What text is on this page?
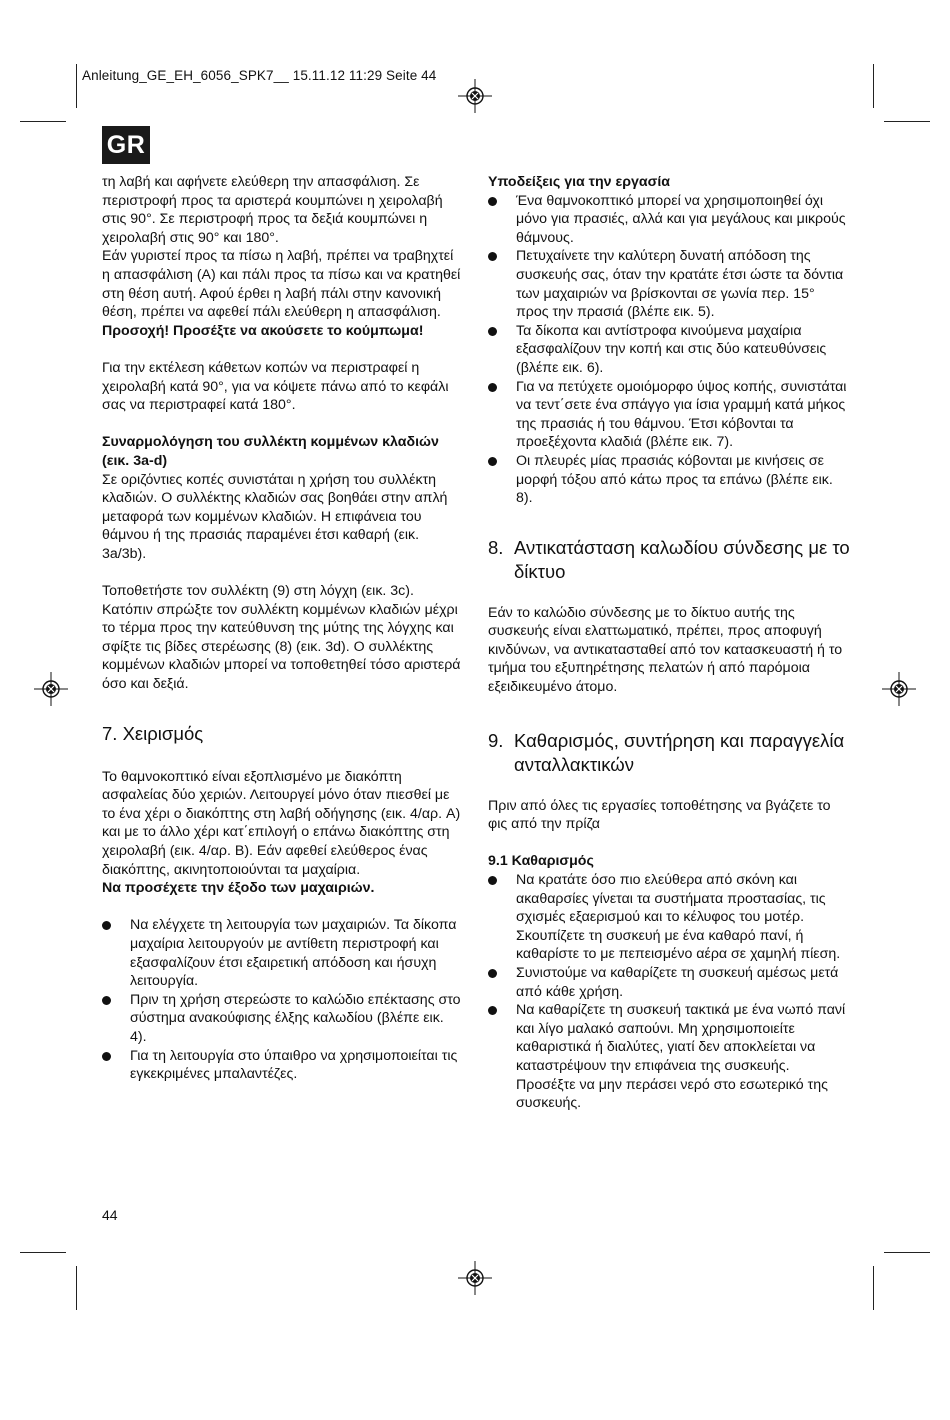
Anleitung_GE_EH_6056_SPK7__ 15.11.12 11:29 Seite 44
GR

τη λαβή και αφήνετε ελεύθερη την απασφάλιση. Σε περιστροφή προς τα αριστερά κουμπώνει η χειρολαβή στις 90°. Σε περιστροφή προς τα δεξιά κουμπώνει η χειρολαβή στις 90° και 180°.

Εάν γυριστεί προς τα πίσω η λαβή, πρέπει να τραβηχτεί η απασφάλιση (A) και πάλι προς τα πίσω και να κρατηθεί στη θέση αυτή. Αφού έρθει η λαβή πάλι στην κανονική θέση, πρέπει να αφεθεί πάλι ελεύθερη η απασφάλιση.

Προσοχή! Προσέξτε να ακούσετε το κούμπωμα!

Για την εκτέλεση κάθετων κοπών να περιστραφεί η χειρολαβή κατά 90°, για να κόψετε πάνω από το κεφάλι σας να περιστραφεί κατά 180°.

Συναρμολόγηση του συλλέκτη κομμένων κλαδιών (εικ. 3a-d)

Σε οριζόντιες κοπές συνιστάται η χρήση του συλλέκτη κλαδιών. Ο συλλέκτης κλαδιών σας βοηθάει στην απλή μεταφορά των κομμένων κλαδιών. Η επιφάνεια του θάμνου ή της πρασιάς παραμένει έτσι καθαρή (εικ. 3a/3b).

Τοποθετήστε τον συλλέκτη (9) στη λόγχη (εικ. 3c). Κατόπιν σπρώξτε τον συλλέκτη κομμένων κλαδιών μέχρι το τέρμα προς την κατεύθυνση της μύτης της λόγχης και σφίξτε τις βίδες στερέωσης (8) (εικ. 3d). Ο συλλέκτης κομμένων κλαδιών μπορεί να τοποθετηθεί τόσο αριστερά όσο και δεξιά.

7. Χειρισμός

Το θαμνοκοπτικό είναι εξοπλισμένο με διακόπτη ασφαλείας δύο χεριών. Λειτουργεί μόνο όταν πιεσθεί με το ένα χέρι ο διακόπτης στη λαβή οδήγησης (εικ. 4/αρ. A) και με το άλλο χέρι κατ΄επιλογή ο επάνω διακόπτης στη χειρολαβή (εικ. 4/αρ. B). Εάν αφεθεί ελεύθερος ένας διακόπτης, ακινητοποιούνται τα μαχαίρια.

Να προσέχετε την έξοδο των μαχαιριών.

Να ελέγχετε τη λειτουργία των μαχαιριών. Τα δίκοπα μαχαίρια λειτουργούν με αντίθετη περιστροφή και εξασφαλίζουν έτσι εξαιρετική απόδοση και ήσυχη λειτουργία.
Πριν τη χρήση στερεώστε το καλώδιο επέκτασης στο σύστημα ανακούφισης έλξης καλωδίου (βλέπε εικ. 4).
Για τη λειτουργία στο ύπαιθρο να χρησιμοποιείται τις εγκεκριμένες μπαλαντέζες.

Υποδείξεις για την εργασία

Ένα θαμνοκοπτικό μπορεί να χρησιμοποιηθεί όχι μόνο για πρασιές, αλλά και για μεγάλους και μικρούς θάμνους.
Πετυχαίνετε την καλύτερη δυνατή απόδοση της συσκευής σας, όταν την κρατάτε έτσι ώστε τα δόντια των μαχαιριών να βρίσκονται σε γωνία περ. 15° προς την πρασιά (βλέπε εικ. 5).
Τα δίκοπα και αντίστροφα κινούμενα μαχαίρια εξασφαλίζουν την κοπή και στις δύο κατευθύνσεις (βλέπε εικ. 6).
Για να πετύχετε ομοιόμορφο ύψος κοπής, συνιστάται να τεντ΄σετε ένα σπάγγο για ίσια γραμμή κατά μήκος της πρασιάς ή του θάμνου. Έτσι κόβονται τα προεξέχοντα κλαδιά (βλέπε εικ. 7).
Οι πλευρές μίας πρασιάς κόβονται με κινήσεις σε μορφή τόξου από κάτω προς τα επάνω (βλέπε εικ. 8).
8. Αντικατάσταση καλωδίου σύνδεσης με το δίκτυο

Εάν το καλώδιο σύνδεσης με το δίκτυο αυτής της συσκευής είναι ελαττωματικό, πρέπει, προς αποφυγή κινδύνων, να αντικατασταθεί από τον κατασκευαστή ή το τμήμα του εξυπηρέτησης πελατών ή από παρόμοια εξειδικευμένο άτομο.

9. Καθαρισμός, συντήρηση και παραγγελία ανταλλακτικών

Πριν από όλες τις εργασίες τοποθέτησης να βγάζετε το φις από την πρίζα

9.1 Καθαρισμός

Να κρατάτε όσο πιο ελεύθερα από σκόνη και ακαθαρσίες γίνεται τα συστήματα προστασίας, τις σχισμές εξαερισμού και το κέλυφος του μοτέρ. Σκουπίζετε τη συσκευή με ένα καθαρό πανί, ή καθαρίστε το με πεπεισμένο αέρα σε χαμηλή πίεση.
Συνιστούμε να καθαρίζετε τη συσκευή αμέσως μετά από κάθε χρήση.
Να καθαρίζετε τη συσκευή τακτικά με ένα νωπό πανί και λίγο μαλακό σαπούνι. Μη χρησιμοποιείτε καθαριστικά ή διαλύτες, γιατί δεν αποκλείεται να καταστρέψουν την επιφάνεια της συσκευής. Προσέξτε να μην περάσει νερό στο εσωτερικό της συσκευής.
44
